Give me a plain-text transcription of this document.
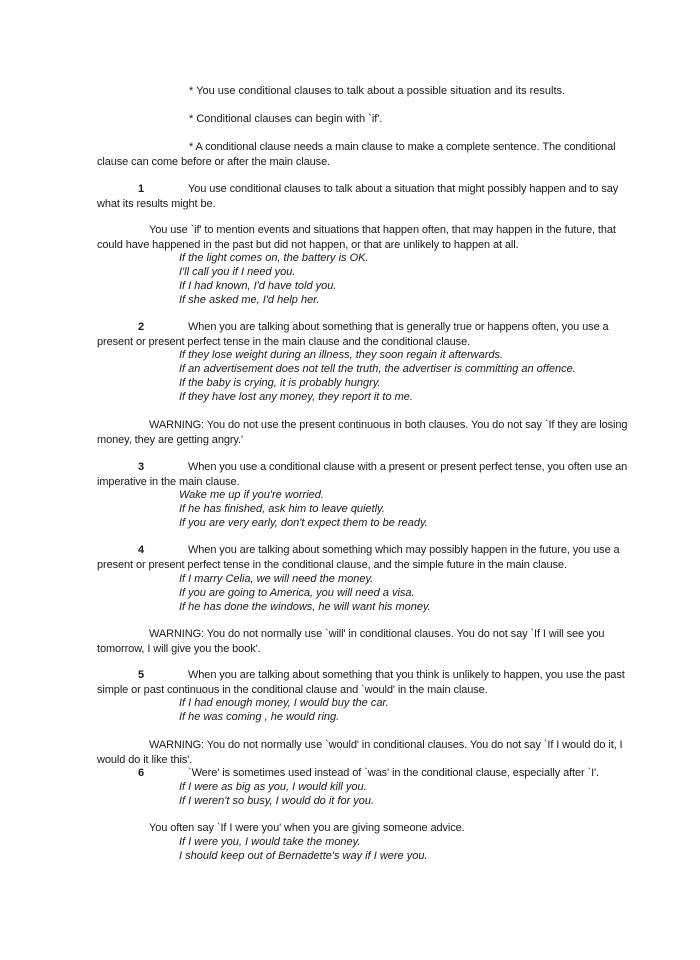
* You use conditional clauses to talk about a possible situation and its results.
* Conditional clauses can begin with `if'.
* A conditional clause needs a main clause to make a complete sentence. The conditional clause can come before or after the main clause.
1	You use conditional clauses to talk about a situation that might possibly happen and to say what its results might be.
You use `if' to mention events and situations that happen often, that may happen in the future, that could have happened in the past but did not happen, or that are unlikely to happen at all.
If the light comes on, the battery is OK.
I'll call you if I need you.
If I had known, I'd have told you.
If she asked me, I'd help her.
2	When you are talking about something that is generally true or happens often, you use a present or present perfect tense in the main clause and the conditional clause.
If they lose weight during an illness, they soon regain it afterwards.
If an advertisement does not tell the truth, the advertiser is committing an offence.
If the baby is crying, it is probably hungry.
If they have lost any money, they report it to me.
WARNING: You do not use the present continuous in both clauses. You do not say `If they are losing money, they are getting angry.'
3	When you use a conditional clause with a present or present perfect tense, you often use an imperative in the main clause.
Wake me up if you're worried.
If he has finished, ask him to leave quietly.
If you are very early, don't expect them to be ready.
4	When you are talking about something which may possibly happen in the future, you use a present or present perfect tense in the conditional clause, and the simple future in the main clause.
If I marry Celia, we will need the money.
If you are going to America, you will need a visa.
If he has done the windows, he will want his money.
WARNING: You do not normally use `will' in conditional clauses. You do not say `If I will see you tomorrow, I will give you the book'.
5	When you are talking about something that you think is unlikely to happen, you use the past simple or past continuous in the conditional clause and `would' in the main clause.
If I had enough money, I would buy the car.
If he was coming , he would ring.
WARNING: You do not normally use `would' in conditional clauses. You do not say `If I would do it, I would do it like this'.
6	`Were' is sometimes used instead of `was' in the conditional clause, especially after `I'.
If I were as big as you, I would kill you.
If I weren't so busy, I would do it for you.
You often say `If I were you' when you are giving someone advice.
If I were you, I would take the money.
I should keep out of Bernadette's way if I were you.
